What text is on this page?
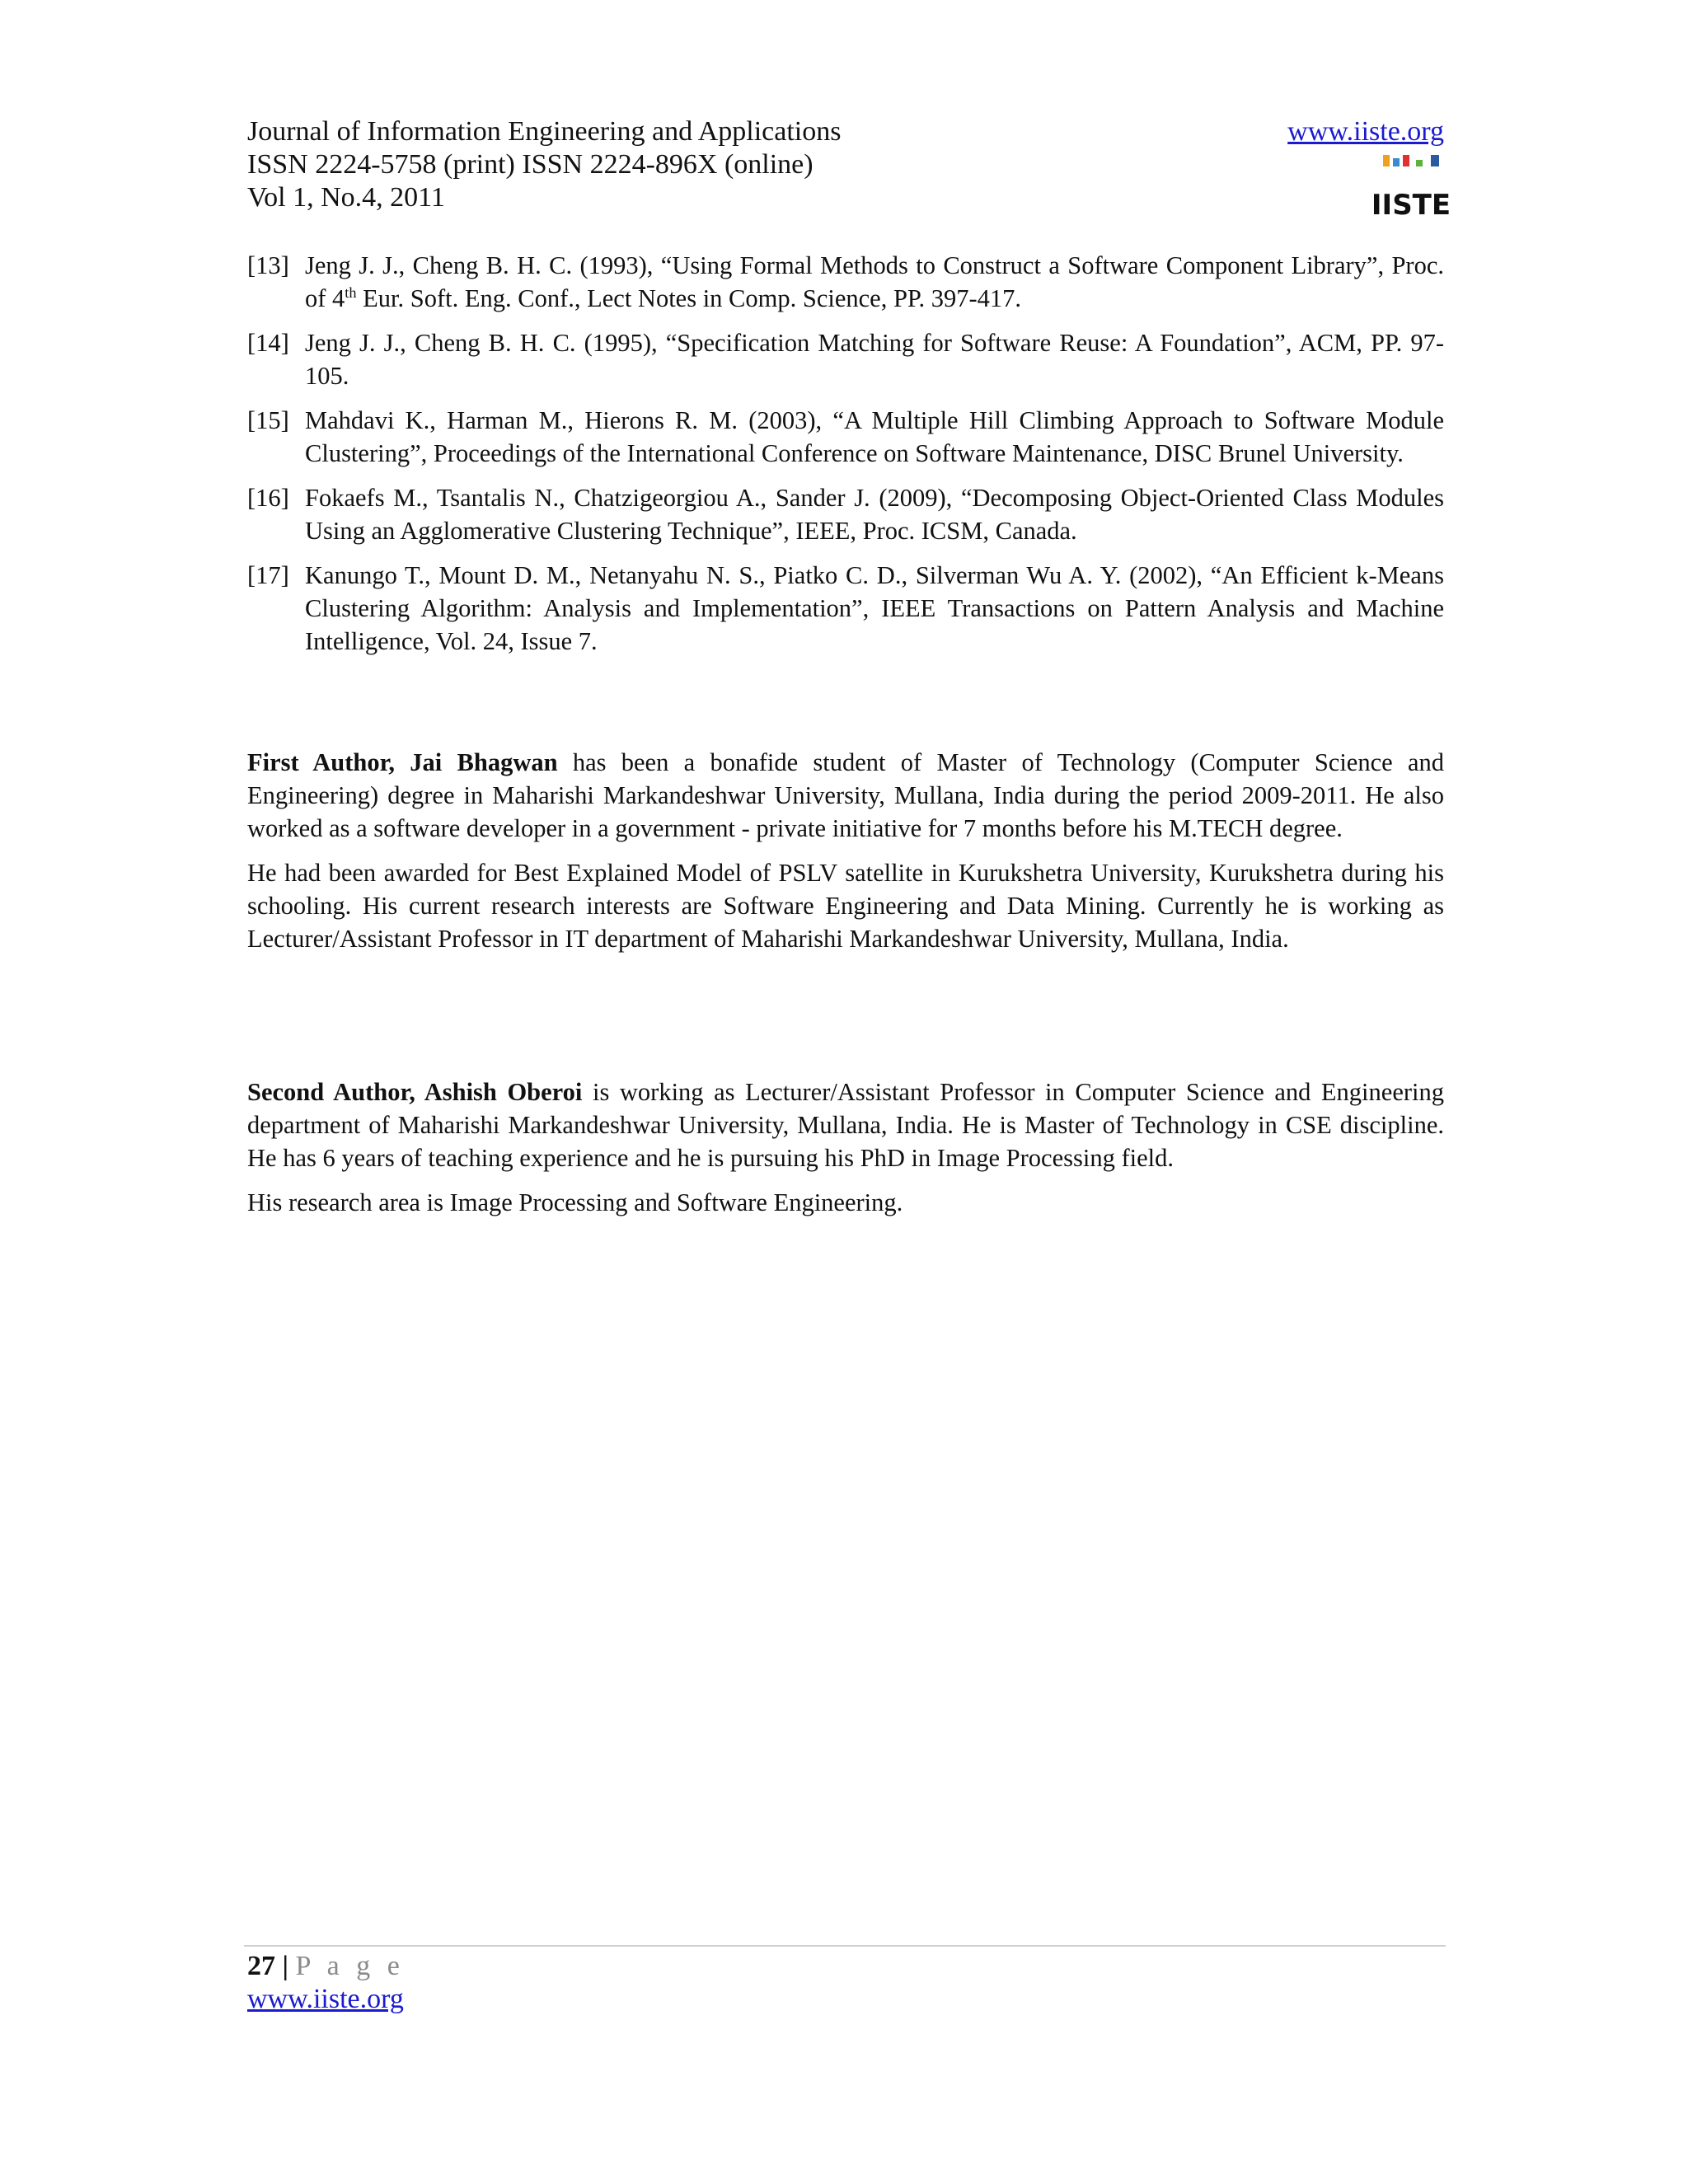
Journal of Information Engineering and Applications
ISSN 2224-5758 (print) ISSN 2224-896X (online)
Vol 1, No.4, 2011
www.iiste.org
IISTE
[13] Jeng J. J., Cheng B. H. C. (1993), “Using Formal Methods to Construct a Software Component Library”, Proc. of 4th Eur. Soft. Eng. Conf., Lect Notes in Comp. Science, PP. 397-417.
[14] Jeng J. J., Cheng B. H. C. (1995), “Specification Matching for Software Reuse: A Foundation”, ACM, PP. 97-105.
[15] Mahdavi K., Harman M., Hierons R. M. (2003), “A Multiple Hill Climbing Approach to Software Module Clustering”, Proceedings of the International Conference on Software Maintenance, DISC Brunel University.
[16] Fokaefs M., Tsantalis N., Chatzigeorgiou A., Sander J. (2009), “Decomposing Object-Oriented Class Modules Using an Agglomerative Clustering Technique”, IEEE, Proc. ICSM, Canada.
[17] Kanungo T., Mount D. M., Netanyahu N. S., Piatko C. D., Silverman Wu A. Y. (2002), “An Efficient k-Means Clustering Algorithm: Analysis and Implementation”, IEEE Transactions on Pattern Analysis and Machine Intelligence, Vol. 24, Issue 7.

First Author, Jai Bhagwan has been a bonafide student of Master of Technology (Computer Science and Engineering) degree in Maharishi Markandeshwar University, Mullana, India during the period 2009-2011. He also worked as a software developer in a government - private initiative for 7 months before his M.TECH degree.

He had been awarded for Best Explained Model of PSLV satellite in Kurukshetra University, Kurukshetra during his schooling. His current research interests are Software Engineering and Data Mining. Currently he is working as Lecturer/Assistant Professor in IT department of Maharishi Markandeshwar University, Mullana, India.

Second Author, Ashish Oberoi is working as Lecturer/Assistant Professor in Computer Science and Engineering department of Maharishi Markandeshwar University, Mullana, India. He is Master of Technology in CSE discipline. He has 6 years of teaching experience and he is pursuing his PhD in Image Processing field.

His research area is Image Processing and Software Engineering.

27 | P a g e
www.iiste.org
